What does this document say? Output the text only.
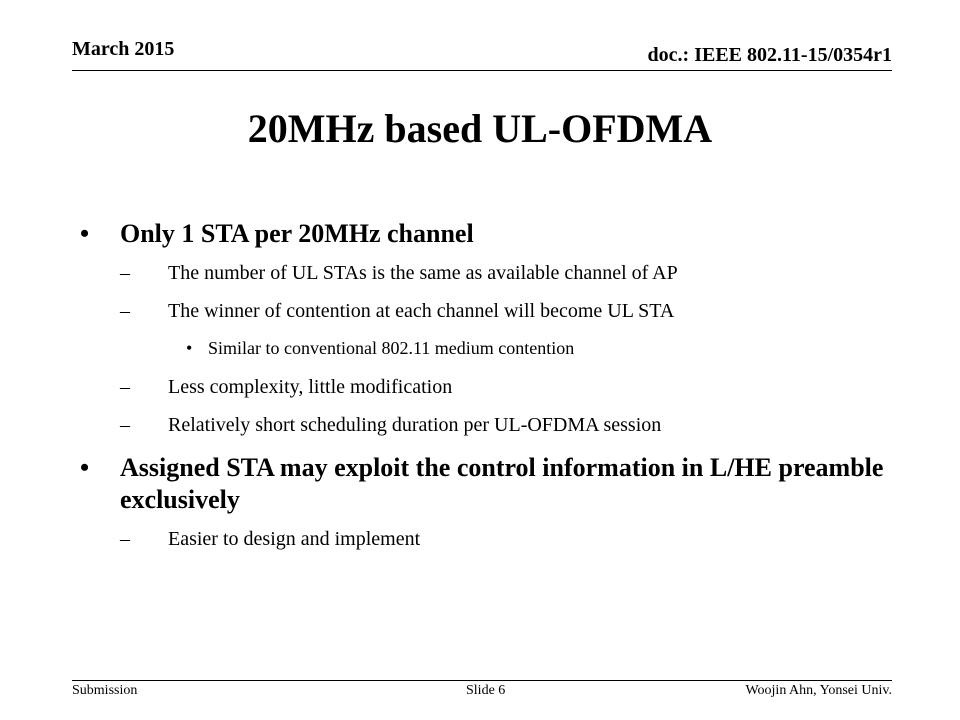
March 2015	doc.: IEEE 802.11-15/0354r1
20MHz based UL-OFDMA
• Only 1 STA per 20MHz channel
– The number of UL STAs is the same as available channel of AP
– The winner of contention at each channel will become UL STA
• Similar to conventional 802.11 medium contention
– Less complexity, little modification
– Relatively short scheduling duration per UL-OFDMA session
• Assigned STA may exploit the control information in L/HE preamble exclusively
– Easier to design and implement
Submission	Slide 6	Woojin Ahn, Yonsei Univ.
